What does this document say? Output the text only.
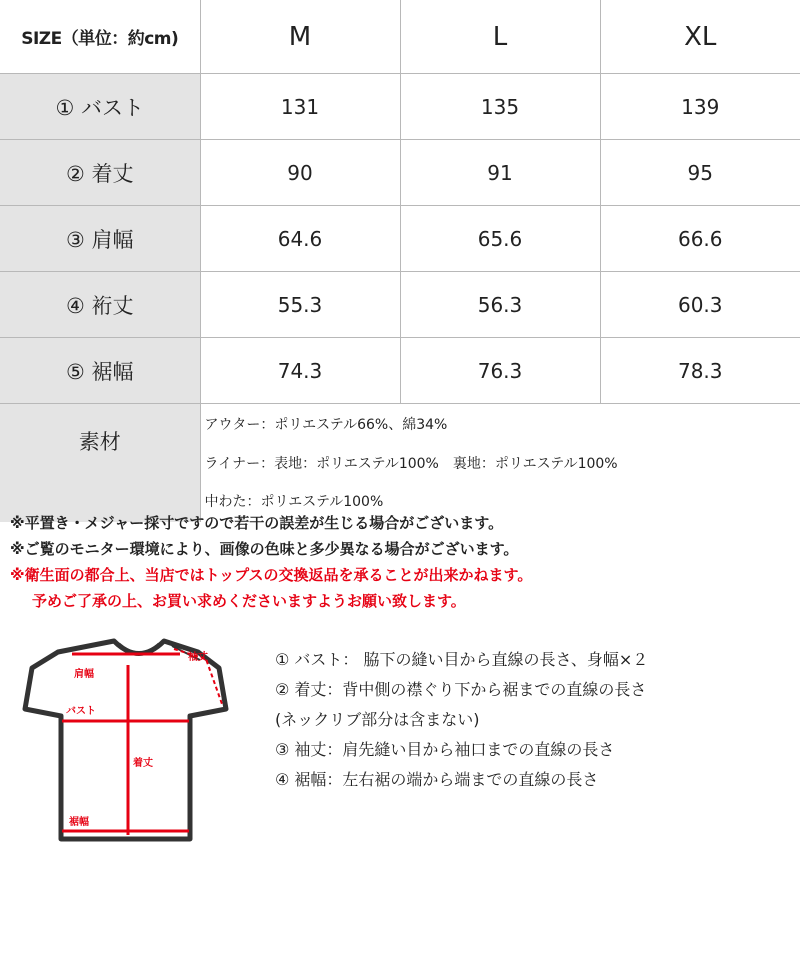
SIZE（単位：約cm)	M	L	XL
① バスト	131	135	139
② 着丈	90	91	95
③ 肩幅	64.6	65.6	66.6
④ 裄丈	55.3	56.3	60.3
⑤ 裾幅	74.3	76.3	78.3
素材	アウター：ポリエステル66%、綿34%
ライナー：表地：ポリエステル100%　裏地：ポリエステル100%
中わた：ポリエステル100%		
※平置き・メジャー採寸ですので若干の誤差が生じる場合がございます。
※ご覧のモニター環境により、画像の色味と多少異なる場合がございます。
※衛生面の都合上、当店ではトップスの交換返品を承ることが出来かねます。
予めご了承の上、お買い求めくださいますようお願い致します。
袖丈
肩幅
バスト
着丈
裾幅
① バスト： 脇下の縫い目から直線の長さ、身幅×２
② 着丈：背中側の襟ぐり下から裾までの直線の長さ
(ネックリブ部分は含まない)
③ 袖丈：肩先縫い目から袖口までの直線の長さ
④ 裾幅：左右裾の端から端までの直線の長さ
